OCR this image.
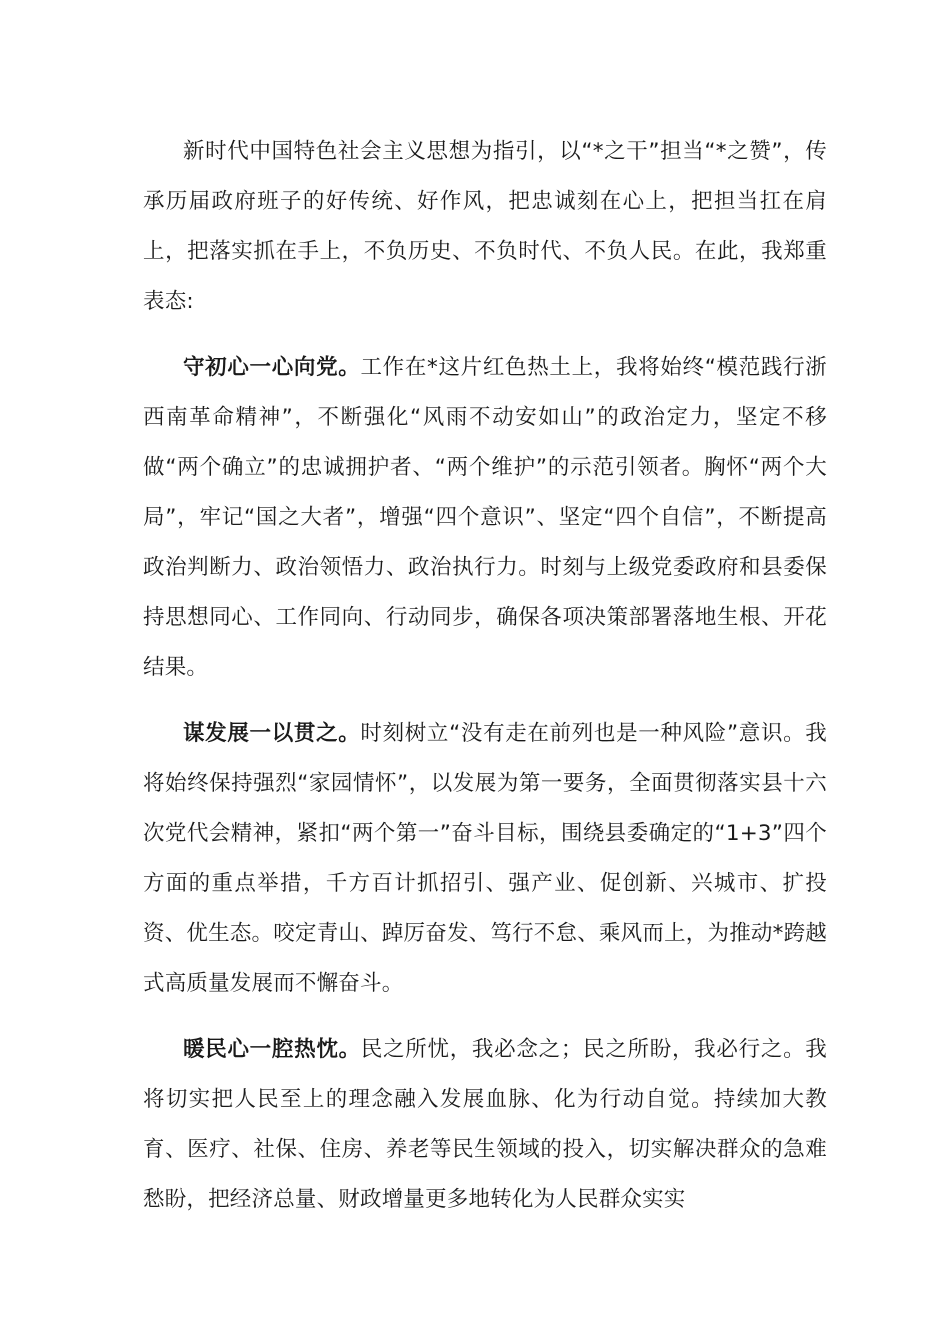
新时代中国特色社会主义思想为指引，以“*之干”担当“*之赞”，传承历届政府班子的好传统、好作风，把忠诚刻在心上，把担当扛在肩上，把落实抓在手上，不负历史、不负时代、不负人民。在此，我郑重表态:

守初心一心向党。工作在*这片红色热土上，我将始终“模范践行浙西南革命精神”，不断强化“风雨不动安如山”的政治定力，坚定不移做“两个确立”的忠诚拥护者、“两个维护”的示范引领者。胸怀“两个大局”，牢记“国之大者”，增强“四个意识”、坚定“四个自信”，不断提高政治判断力、政治领悟力、政治执行力。时刻与上级党委政府和县委保持思想同心、工作同向、行动同步，确保各项决策部署落地生根、开花结果。

谋发展一以贯之。时刻树立“没有走在前列也是一种风险”意识。我将始终保持强烈“家园情怀”，以发展为第一要务，全面贯彻落实县十六次党代会精神，紧扣“两个第一”奋斗目标，围绕县委确定的“1+3”四个方面的重点举措，千方百计抓招引、强产业、促创新、兴城市、扩投资、优生态。咬定青山、踔厉奋发、笃行不怠、乘风而上，为推动*跨越式高质量发展而不懈奋斗。

暖民心一腔热忱。民之所忧，我必念之；民之所盼，我必行之。我将切实把人民至上的理念融入发展血脉、化为行动自觉。持续加大教育、医疗、社保、住房、养老等民生领域的投入，切实解决群众的急难愁盼，把经济总量、财政增量更多地转化为人民群众实实
